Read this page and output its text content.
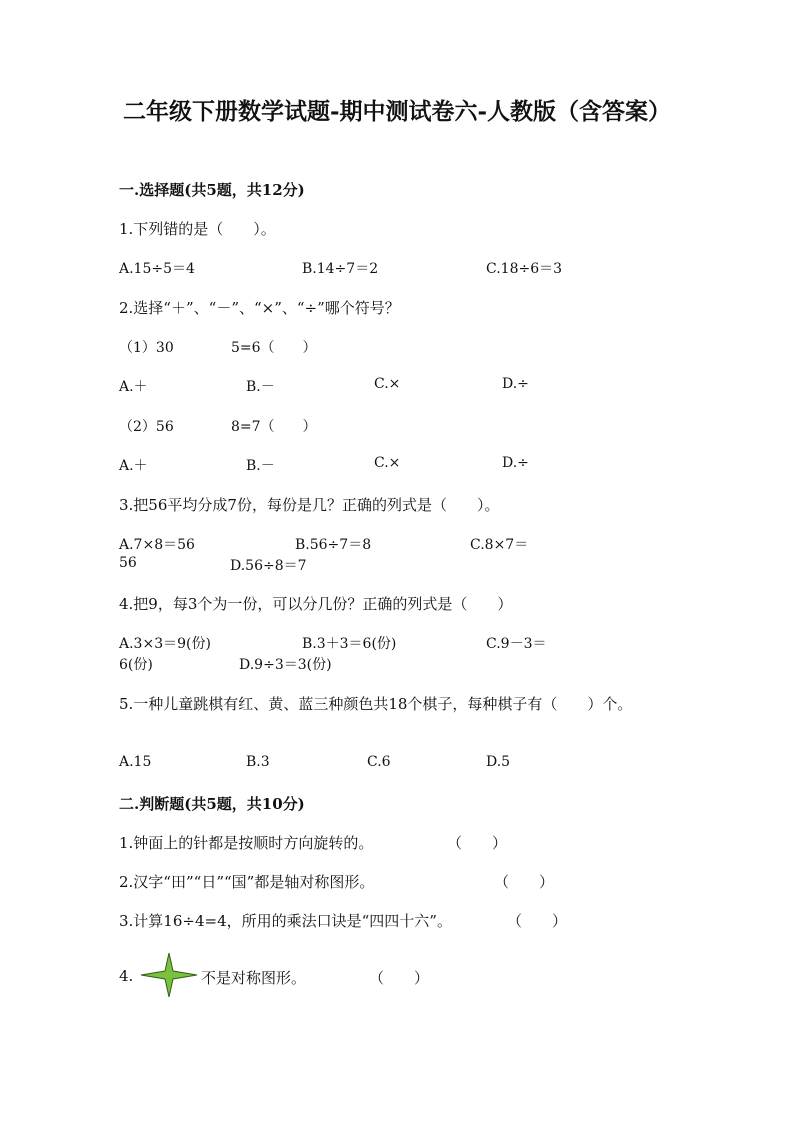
二年级下册数学试题-期中测试卷六-人教版（含答案）
一.选择题(共5题，共12分)
1.下列错的是（　　）。
A.15÷5＝4	B.14÷7＝2	C.18÷6＝3
2.选择“＋”、“－”、“×”、“÷”哪个符号？
（1）30	5=6（　　）
A.＋	B.－	C.×	D.÷
（2）56	8=7（　　）
A.＋	B.－	C.×	D.÷
3.把56平均分成7份，每份是几？正确的列式是（　　）。
A.7×8＝56	B.56÷7＝8	C.8×7＝
56	D.56÷8＝7
4.把9，每3个为一份，可以分几份？正确的列式是（　　）
A.3×3＝9(份)	B.3＋3＝6(份)	C.9－3＝
6(份)	D.9÷3＝3(份)
5.一种儿童跳棋有红、黄、蓝三种颜色共18个棋子，每种棋子有（　　）个。
A.15	B.3	C.6	D.5
二.判断题(共5题，共10分)
1.钟面上的针都是按顺时方向旋转的。	（　　）
2.汉字“田”“日”“国”都是轴对称图形。	（　　）
3.计算16÷4=4，所用的乘法口诀是“四四十六”。	（　　）
4.	不是对称图形。	（　　）
